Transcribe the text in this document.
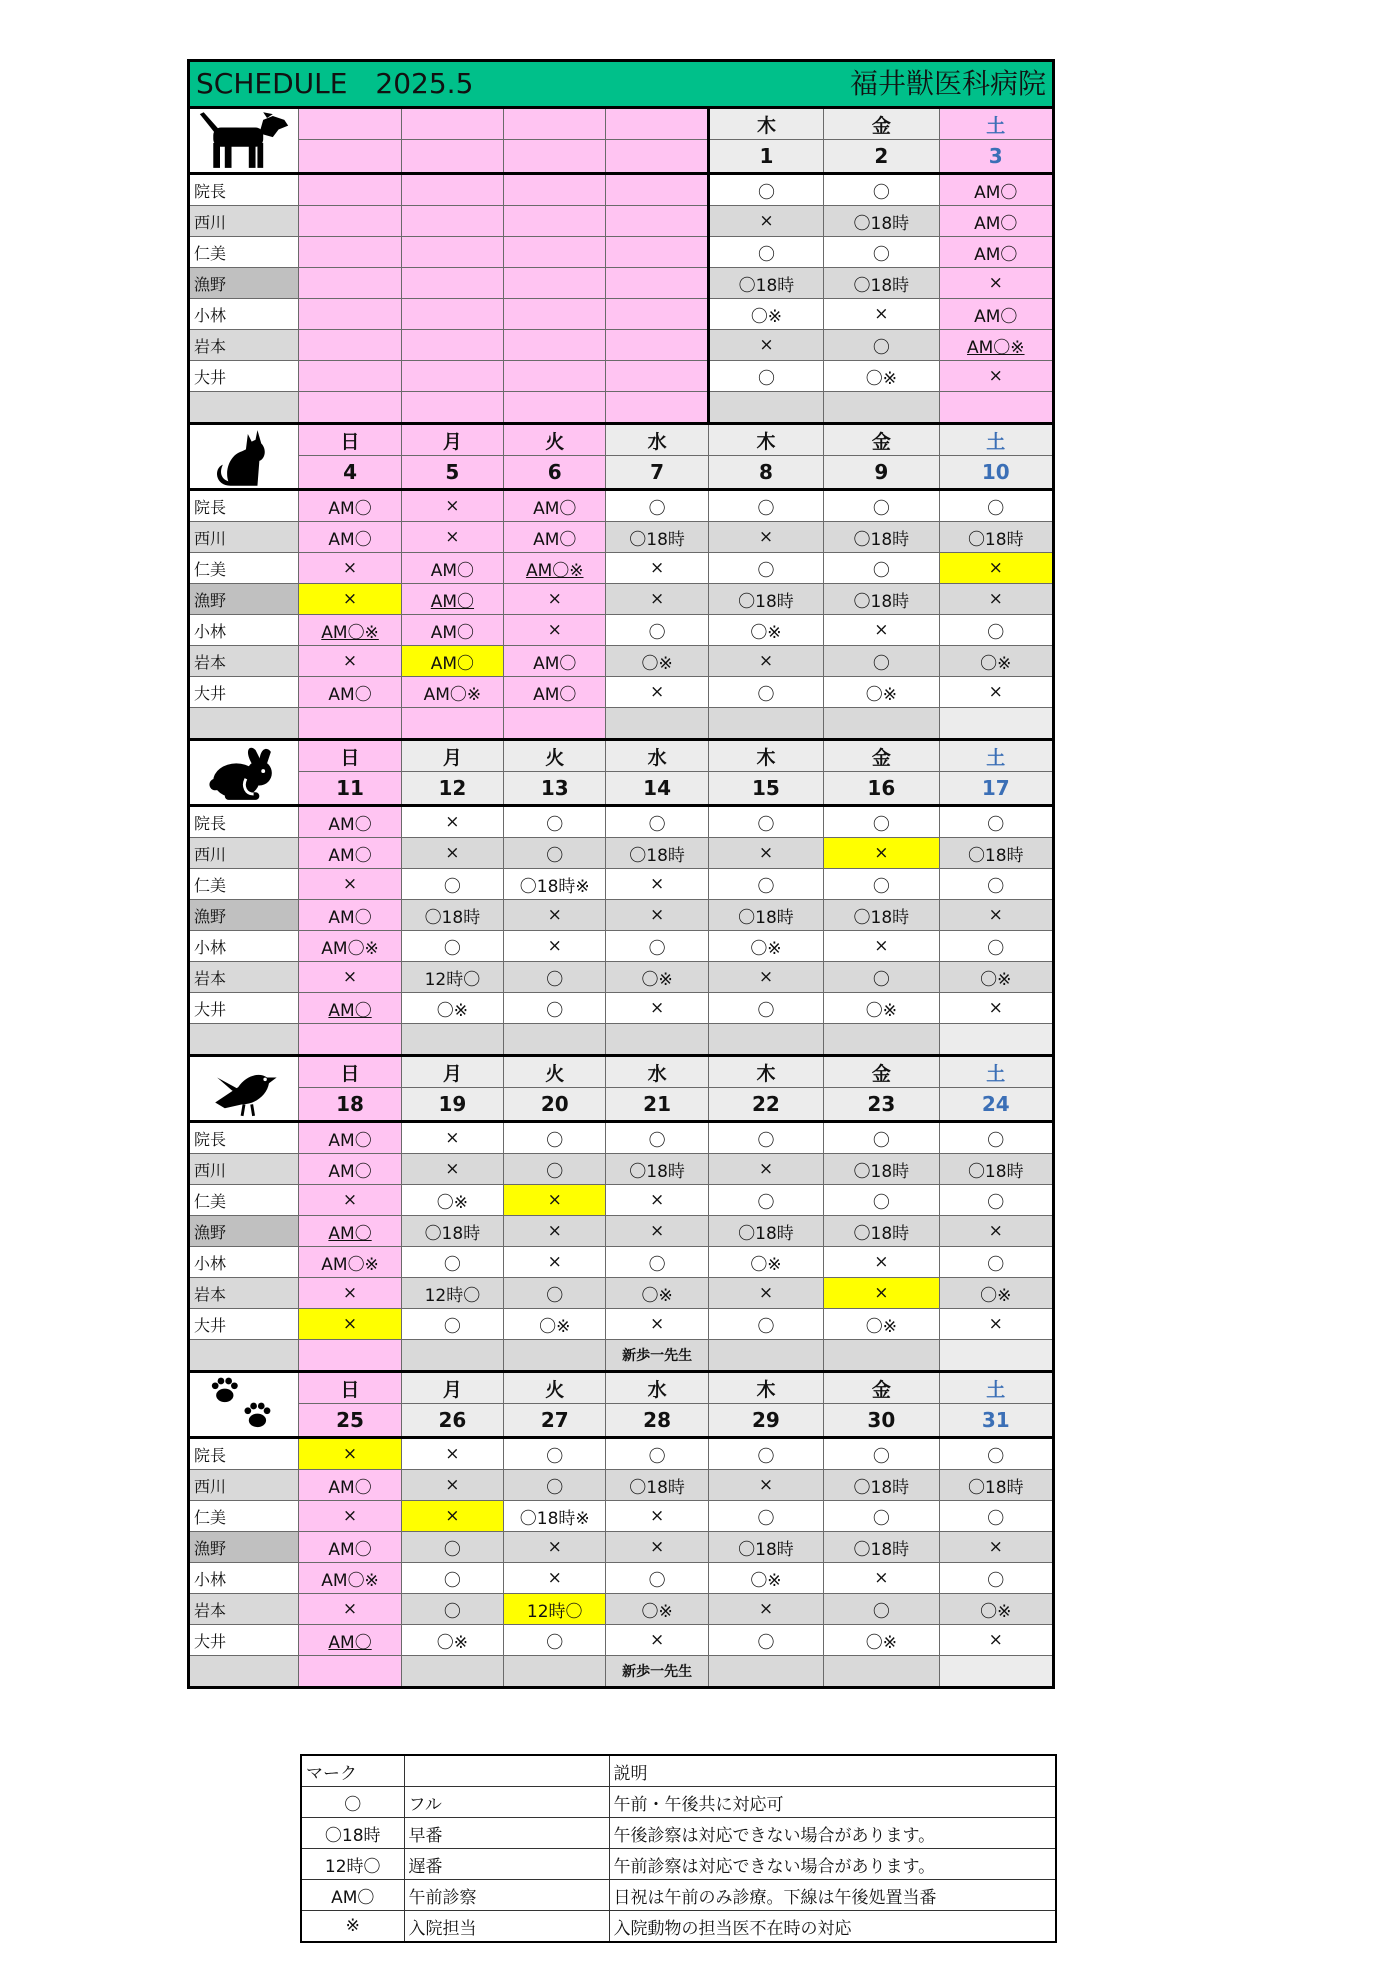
SCHEDULE　2025.5 福井獣医科病院							

					木	金	土
					1	2	3
院長					〇	〇	AM〇
西川					×	〇18時	AM〇
仁美					〇	〇	AM〇
漁野					〇18時	〇18時	×
小林					〇※	×	AM〇
岩本					×	〇	AM〇※
大井					〇	〇※	×

	日	月	火	水	木	金	土
	4	5	6	7	8	9	10
院長	AM〇	×	AM〇	〇	〇	〇	〇
西川	AM〇	×	AM〇	〇18時	×	〇18時	〇18時
仁美	×	AM〇	AM〇※	×	〇	〇	×
漁野	×	AM〇	×	×	〇18時	〇18時	×
小林	AM〇※	AM〇	×	〇	〇※	×	〇
岩本	×	AM〇	AM〇	〇※	×	〇	〇※
大井	AM〇	AM〇※	AM〇	×	〇	〇※	×

	日	月	火	水	木	金	土
	11	12	13	14	15	16	17
院長	AM〇	×	〇	〇	〇	〇	〇
西川	AM〇	×	〇	〇18時	×	×	〇18時
仁美	×	〇	〇18時※	×	〇	〇	〇
漁野	AM〇	〇18時	×	×	〇18時	〇18時	×
小林	AM〇※	〇	×	〇	〇※	×	〇
岩本	×	12時〇	〇	〇※	×	〇	〇※
大井	AM〇	〇※	〇	×	〇	〇※	×

	日	月	火	水	木	金	土
	18	19	20	21	22	23	24
院長	AM〇	×	〇	〇	〇	〇	〇
西川	AM〇	×	〇	〇18時	×	〇18時	〇18時
仁美	×	〇※	×	×	〇	〇	〇
漁野	AM〇	〇18時	×	×	〇18時	〇18時	×
小林	AM〇※	〇	×	〇	〇※	×	〇
岩本	×	12時〇	〇	〇※	×	×	〇※
大井	×	〇	〇※	×	〇	〇※	×
				新歩一先生			

	日	月	火	水	木	金	土
	25	26	27	28	29	30	31
院長	×	×	〇	〇	〇	〇	〇
西川	AM〇	×	〇	〇18時	×	〇18時	〇18時
仁美	×	×	〇18時※	×	〇	〇	〇
漁野	AM〇	〇	×	×	〇18時	〇18時	×
小林	AM〇※	〇	×	〇	〇※	×	〇
岩本	×	〇	12時〇	〇※	×	〇	〇※
大井	AM〇	〇※	〇	×	〇	〇※	×
				新歩一先生			
マーク		説明
〇	フル	午前・午後共に対応可
〇18時	早番	午後診察は対応できない場合があります。
12時〇	遅番	午前診察は対応できない場合があります。
AM〇	午前診察	日祝は午前のみ診療。下線は午後処置当番
※	入院担当	入院動物の担当医不在時の対応
